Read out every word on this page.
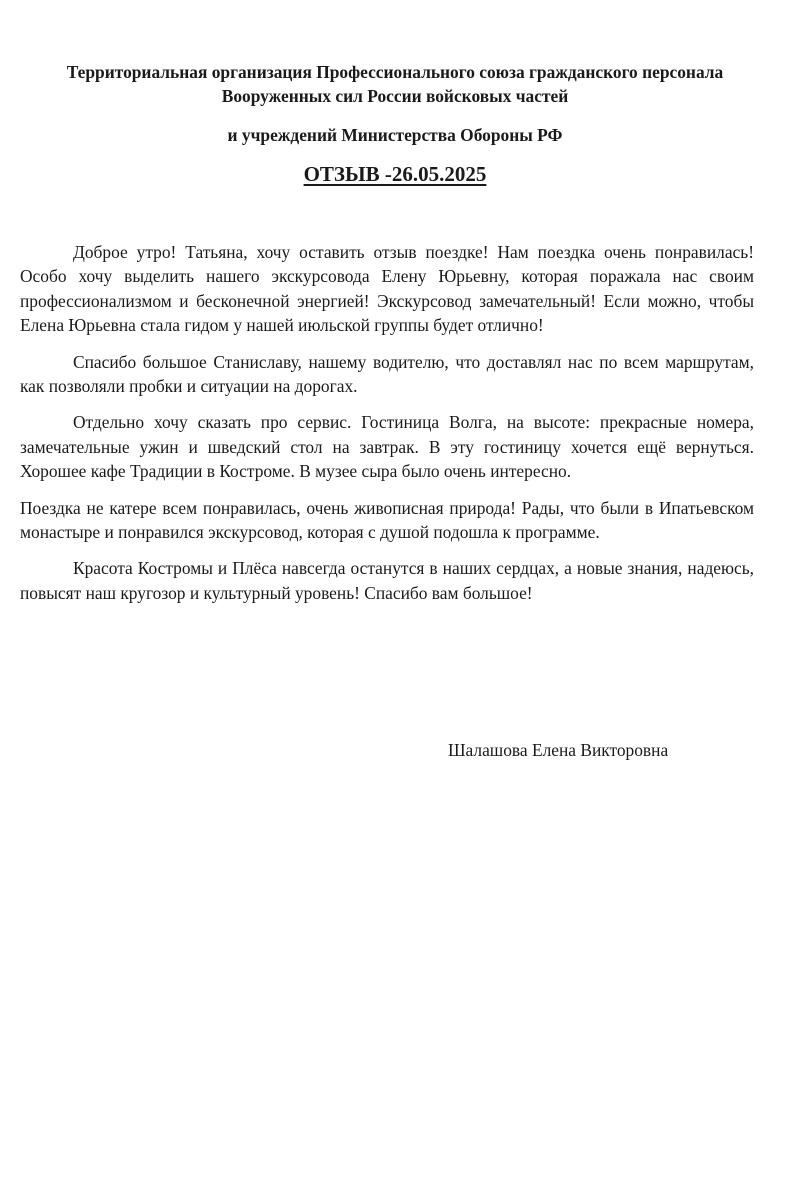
Территориальная организация Профессионального союза гражданского персонала
Вооруженных сил России войсковых частей
и учреждений Министерства Обороны РФ
ОТЗЫВ -26.05.2025

Доброе утро! Татьяна, хочу оставить отзыв поездке! Нам поездка очень понравилась! Особо хочу выделить нашего экскурсовода Елену Юрьевну, которая поражала нас своим профессионализмом и бесконечной энергией! Экскурсовод замечательный! Если можно, чтобы Елена Юрьевна стала гидом у нашей июльской группы будет отлично!

Спасибо большое Станиславу, нашему водителю, что доставлял нас по всем маршрутам, как позволяли пробки и ситуации на дорогах.

Отдельно хочу сказать про сервис. Гостиница Волга, на высоте: прекрасные номера, замечательные ужин и шведский стол на завтрак. В эту гостиницу хочется ещё вернуться. Хорошее кафе Традиции в Костроме. В музее сыра было очень интересно.

Поездка не катере всем понравилась, очень живописная природа! Рады, что были в Ипатьевском монастыре и понравился экскурсовод, которая с душой подошла к программе.

Красота Костромы и Плёса навсегда останутся в наших сердцах, а новые знания, надеюсь, повысят наш кругозор и культурный уровень! Спасибо вам большое!

Шалашова Елена Викторовна
